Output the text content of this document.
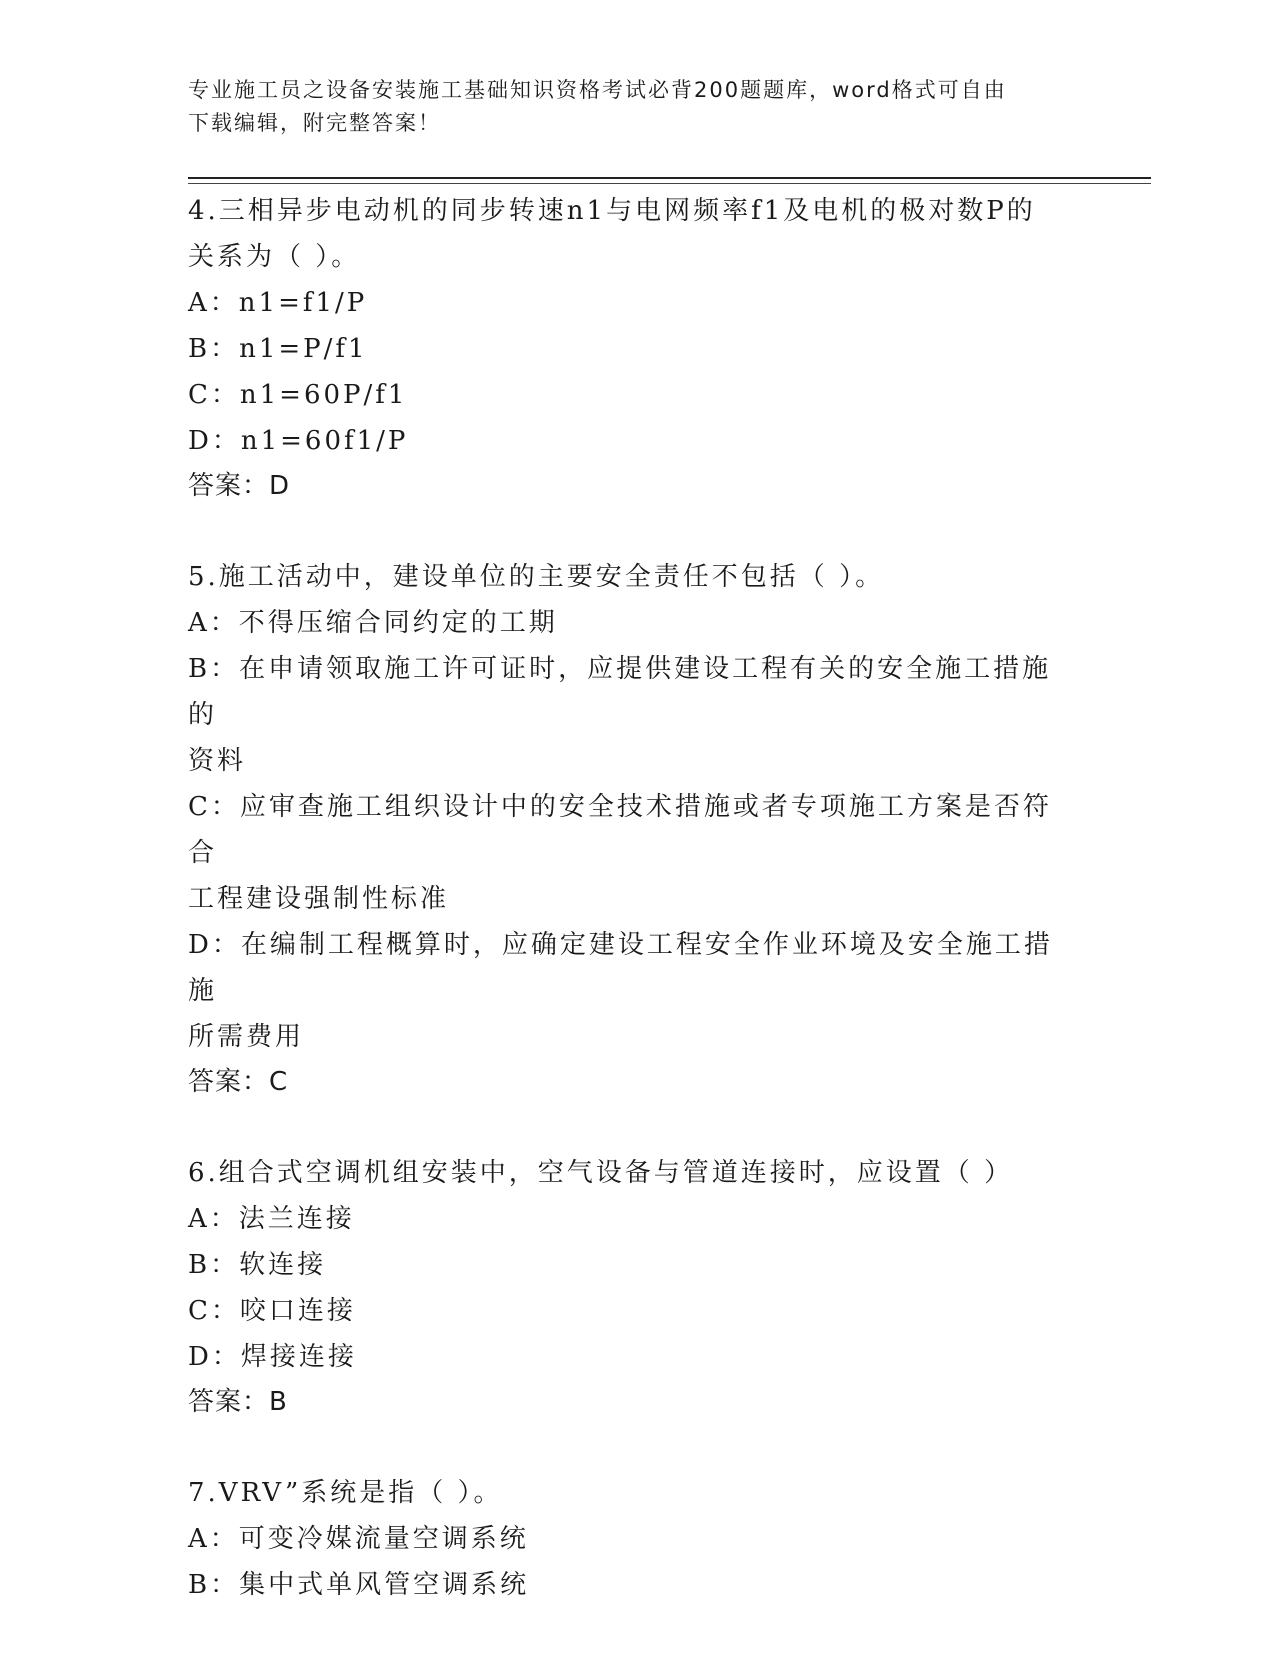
专业施工员之设备安装施工基础知识资格考试必背200题题库，word格式可自由
下载编辑，附完整答案！
4.三相异步电动机的同步转速n1与电网频率f1及电机的极对数P的
关系为（ ）。
A：n1=f1/P
B：n1=P/f1
C：n1=60P/f1
D：n1=60f1/P
答案：D
5.施工活动中，建设单位的主要安全责任不包括（ ）。
A：不得压缩合同约定的工期
B：在申请领取施工许可证时，应提供建设工程有关的安全施工措施的
资料
C：应审查施工组织设计中的安全技术措施或者专项施工方案是否符合
工程建设强制性标准
D：在编制工程概算时，应确定建设工程安全作业环境及安全施工措施
所需费用
答案：C
6.组合式空调机组安装中，空气设备与管道连接时，应设置（ ）
A：法兰连接
B：软连接
C：咬口连接
D：焊接连接
答案：B
7.VRV”系统是指（ ）。
A：可变冷媒流量空调系统
B：集中式单风管空调系统
